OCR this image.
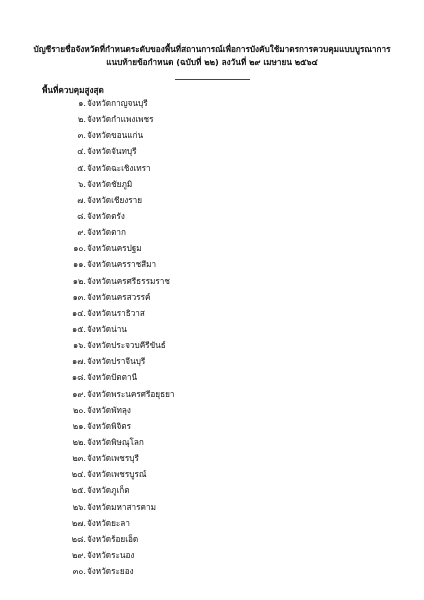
บัญชีรายชื่อจังหวัดที่กำหนดระดับของพื้นที่สถานการณ์เพื่อการบังคับใช้มาตรการควบคุมแบบบูรณาการ
แนบท้ายข้อกำหนด (ฉบับที่ ๒๒) ลงวันที่ ๒๙ เมษายน ๒๕๖๔
พื้นที่ควบคุมสูงสุด
๑. จังหวัดกาญจนบุรี
๒. จังหวัดกำแพงเพชร
๓. จังหวัดขอนแก่น
๔. จังหวัดจันทบุรี
๕. จังหวัดฉะเชิงเทรา
๖. จังหวัดชัยภูมิ
๗. จังหวัดเชียงราย
๘. จังหวัดตรัง
๙. จังหวัดตาก
๑๐. จังหวัดนครปฐม
๑๑. จังหวัดนครราชสีมา
๑๒. จังหวัดนครศรีธรรมราช
๑๓. จังหวัดนครสวรรค์
๑๔. จังหวัดนราธิวาส
๑๕. จังหวัดน่าน
๑๖. จังหวัดประจวบคีรีขันธ์
๑๗. จังหวัดปราจีนบุรี
๑๘. จังหวัดปัตตานี
๑๙. จังหวัดพระนครศรีอยุธยา
๒๐. จังหวัดพัทลุง
๒๑. จังหวัดพิจิตร
๒๒. จังหวัดพิษณุโลก
๒๓. จังหวัดเพชรบุรี
๒๔. จังหวัดเพชรบูรณ์
๒๕. จังหวัดภูเก็ต
๒๖. จังหวัดมหาสารคาม
๒๗. จังหวัดยะลา
๒๘. จังหวัดร้อยเอ็ด
๒๙. จังหวัดระนอง
๓๐. จังหวัดระยอง
